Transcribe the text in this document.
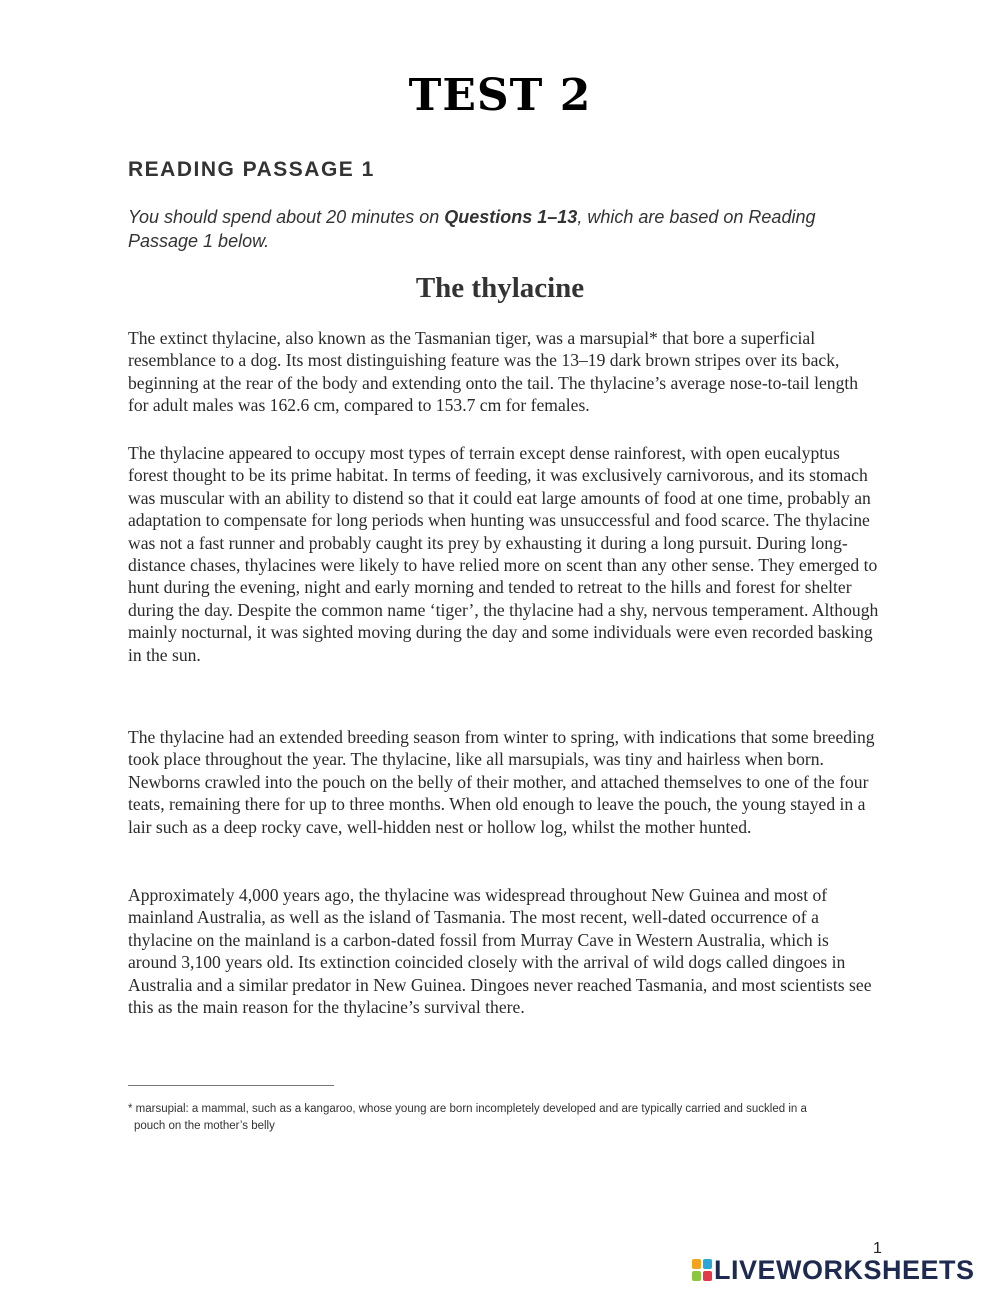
TEST 2
READING PASSAGE 1

You should spend about 20 minutes on Questions 1–13, which are based on Reading Passage 1 below.

The thylacine

The extinct thylacine, also known as the Tasmanian tiger, was a marsupial* that bore a superficial resemblance to a dog. Its most distinguishing feature was the 13–19 dark brown stripes over its back, beginning at the rear of the body and extending onto the tail. The thylacine’s average nose-to-tail length for adult males was 162.6 cm, compared to 153.7 cm for females.

The thylacine appeared to occupy most types of terrain except dense rainforest, with open eucalyptus forest thought to be its prime habitat. In terms of feeding, it was exclusively carnivorous, and its stomach was muscular with an ability to distend so that it could eat large amounts of food at one time, probably an adaptation to compensate for long periods when hunting was unsuccessful and food scarce. The thylacine was not a fast runner and probably caught its prey by exhausting it during a long pursuit. During long-distance chases, thylacines were likely to have relied more on scent than any other sense. They emerged to hunt during the evening, night and early morning and tended to retreat to the hills and forest for shelter during the day. Despite the common name ‘tiger’, the thylacine had a shy, nervous temperament. Although mainly nocturnal, it was sighted moving during the day and some individuals were even recorded basking in the sun.

The thylacine had an extended breeding season from winter to spring, with indications that some breeding took place throughout the year. The thylacine, like all marsupials, was tiny and hairless when born. Newborns crawled into the pouch on the belly of their mother, and attached themselves to one of the four teats, remaining there for up to three months. When old enough to leave the pouch, the young stayed in a lair such as a deep rocky cave, well-hidden nest or hollow log, whilst the mother hunted.

Approximately 4,000 years ago, the thylacine was widespread throughout New Guinea and most of mainland Australia, as well as the island of Tasmania. The most recent, well-dated occurrence of a thylacine on the mainland is a carbon-dated fossil from Murray Cave in Western Australia, which is around 3,100 years old. Its extinction coincided closely with the arrival of wild dogs called dingoes in Australia and a similar predator in New Guinea. Dingoes never reached Tasmania, and most scientists see this as the main reason for the thylacine’s survival there.

* marsupial: a mammal, such as a kangaroo, whose young are born incompletely developed and are typically carried and suckled in a
pouch on the mother’s belly
1
LIVEWORKSHEETS
